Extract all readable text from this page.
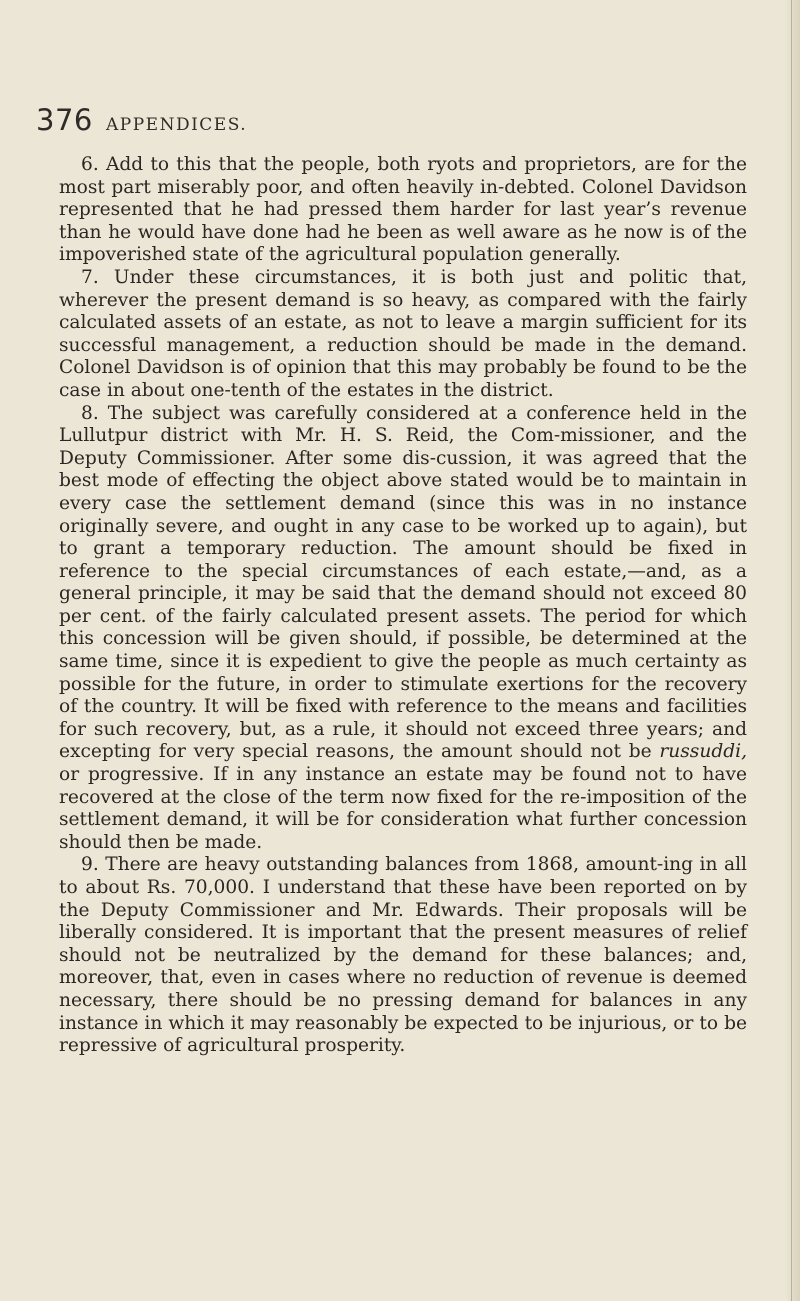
376 APPENDICES.

6. Add to this that the people, both ryots and proprietors, are for the most part miserably poor, and often heavily in-debted. Colonel Davidson represented that he had pressed them harder for last year’s revenue than he would have done had he been as well aware as he now is of the impoverished state of the agricultural population generally.

7. Under these circumstances, it is both just and politic that, wherever the present demand is so heavy, as compared with the fairly calculated assets of an estate, as not to leave a margin sufficient for its successful management, a reduction should be made in the demand. Colonel Davidson is of opinion that this may probably be found to be the case in about one-tenth of the estates in the district.

8. The subject was carefully considered at a conference held in the Lullutpur district with Mr. H. S. Reid, the Com-missioner, and the Deputy Commissioner. After some dis-cussion, it was agreed that the best mode of effecting the object above stated would be to maintain in every case the settlement demand (since this was in no instance originally severe, and ought in any case to be worked up to again), but to grant a temporary reduction. The amount should be fixed in reference to the special circumstances of each estate,—and, as a general principle, it may be said that the demand should not exceed 80 per cent. of the fairly calculated present assets. The period for which this concession will be given should, if possible, be determined at the same time, since it is expedient to give the people as much certainty as possible for the future, in order to stimulate exertions for the recovery of the country. It will be fixed with reference to the means and facilities for such recovery, but, as a rule, it should not exceed three years; and excepting for very special reasons, the amount should not be russuddi, or progressive. If in any instance an estate may be found not to have recovered at the close of the term now fixed for the re-imposition of the settlement demand, it will be for consideration what further concession should then be made.

9. There are heavy outstanding balances from 1868, amount-ing in all to about Rs. 70,000. I understand that these have been reported on by the Deputy Commissioner and Mr. Edwards. Their proposals will be liberally considered. It is important that the present measures of relief should not be neutralized by the demand for these balances; and, moreover, that, even in cases where no reduction of revenue is deemed necessary, there should be no pressing demand for balances in any instance in which it may reasonably be expected to be injurious, or to be repressive of agricultural prosperity.
